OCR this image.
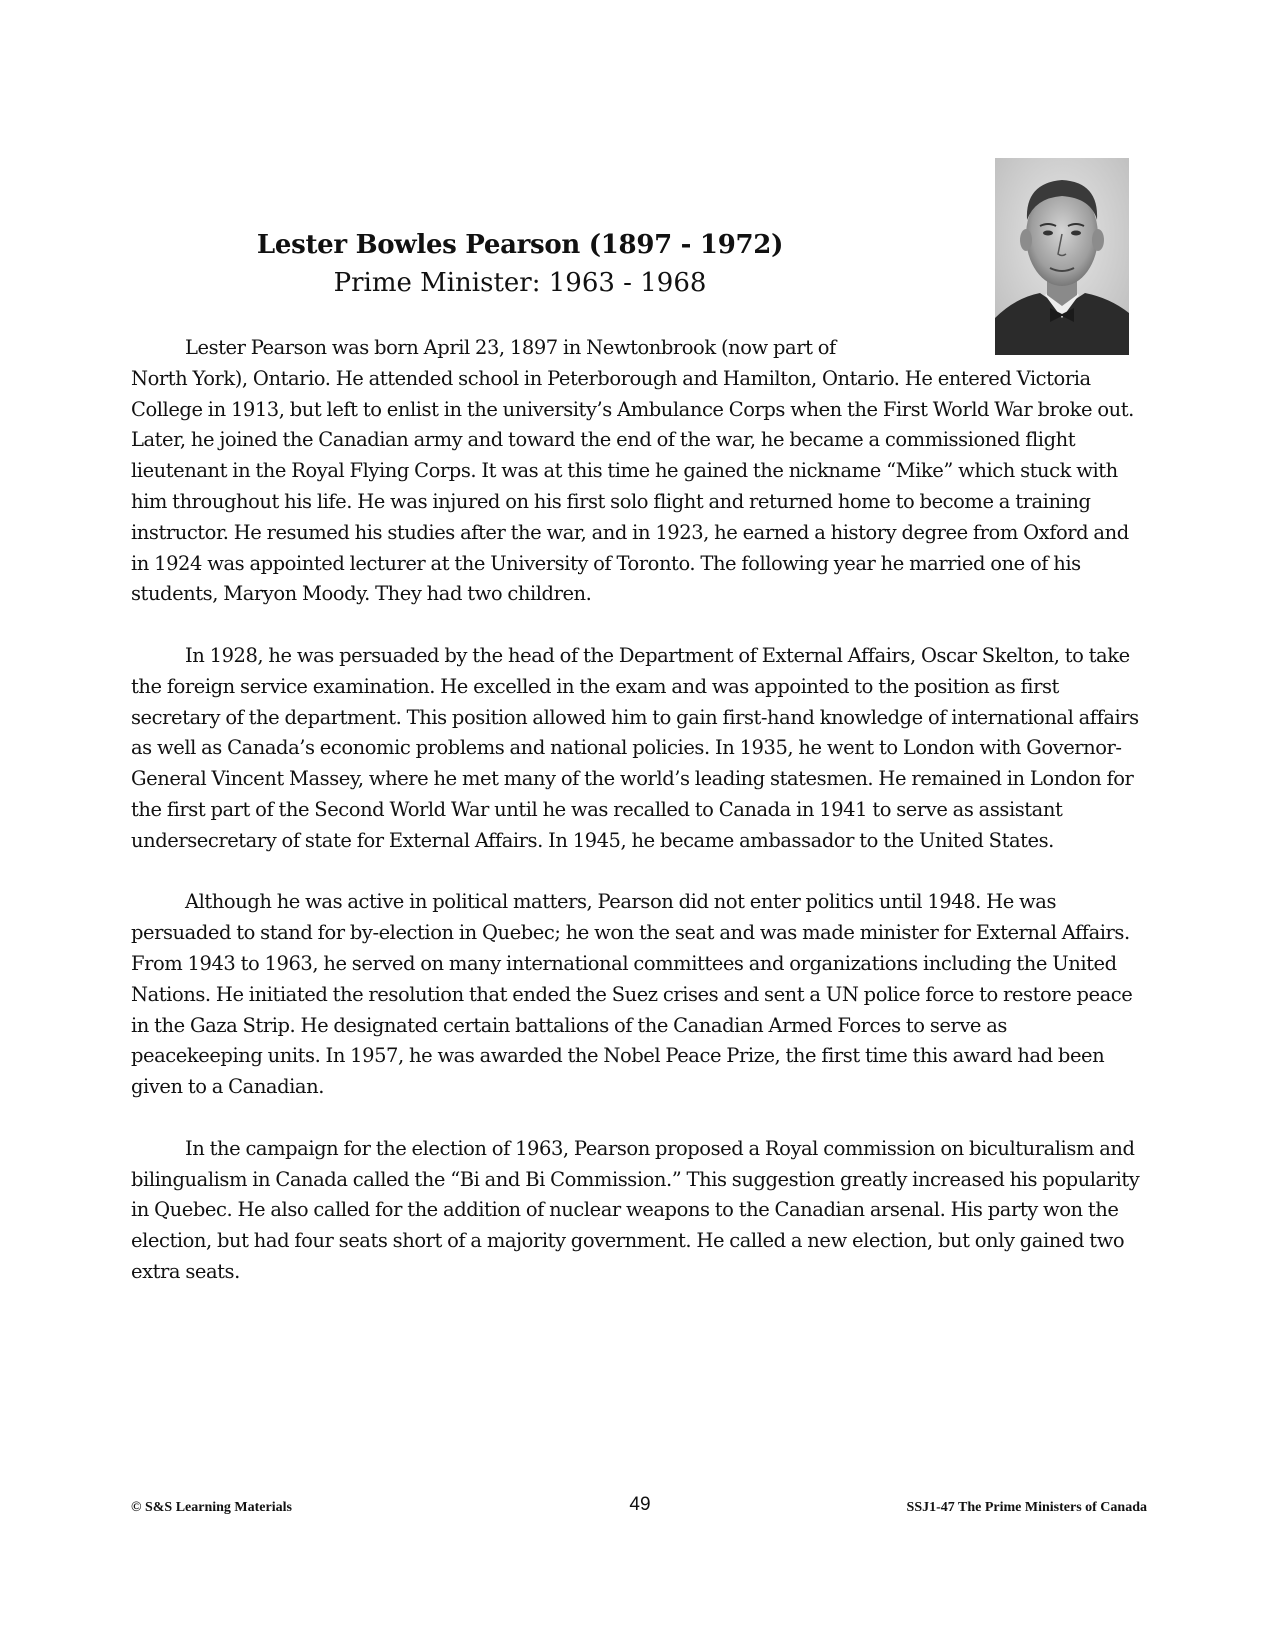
Lester Bowles Pearson (1897 - 1972)
Prime Minister: 1963 - 1968

Lester Pearson was born April 23, 1897 in Newtonbrook (now part of North York), Ontario. He attended school in Peterborough and Hamilton, Ontario. He entered Victoria College in 1913, but left to enlist in the university’s Ambulance Corps when the First World War broke out. Later, he joined the Canadian army and toward the end of the war, he became a commissioned flight lieutenant in the Royal Flying Corps. It was at this time he gained the nickname “Mike” which stuck with him throughout his life. He was injured on his first solo flight and returned home to become a training instructor. He resumed his studies after the war, and in 1923, he earned a history degree from Oxford and in 1924 was appointed lecturer at the University of Toronto. The following year he married one of his students, Maryon Moody. They had two children.

In 1928, he was persuaded by the head of the Department of External Affairs, Oscar Skelton, to take the foreign service examination. He excelled in the exam and was appointed to the position as first secretary of the department. This position allowed him to gain first-hand knowledge of international affairs as well as Canada’s economic problems and national policies. In 1935, he went to London with Governor-General Vincent Massey, where he met many of the world’s leading statesmen. He remained in London for the first part of the Second World War until he was recalled to Canada in 1941 to serve as assistant undersecretary of state for External Affairs. In 1945, he became ambassador to the United States.

Although he was active in political matters, Pearson did not enter politics until 1948. He was persuaded to stand for by-election in Quebec; he won the seat and was made minister for External Affairs. From 1943 to 1963, he served on many international committees and organizations including the United Nations. He initiated the resolution that ended the Suez crises and sent a UN police force to restore peace in the Gaza Strip. He designated certain battalions of the Canadian Armed Forces to serve as peacekeeping units. In 1957, he was awarded the Nobel Peace Prize, the first time this award had been given to a Canadian.

In the campaign for the election of 1963, Pearson proposed a Royal commission on biculturalism and bilingualism in Canada called the “Bi and Bi Commission.” This suggestion greatly increased his popularity in Quebec. He also called for the addition of nuclear weapons to the Canadian arsenal. His party won the election, but had four seats short of a majority government. He called a new election, but only gained two extra seats.

© S&S Learning Materials	49	SSJ1-47 The Prime Ministers of Canada
